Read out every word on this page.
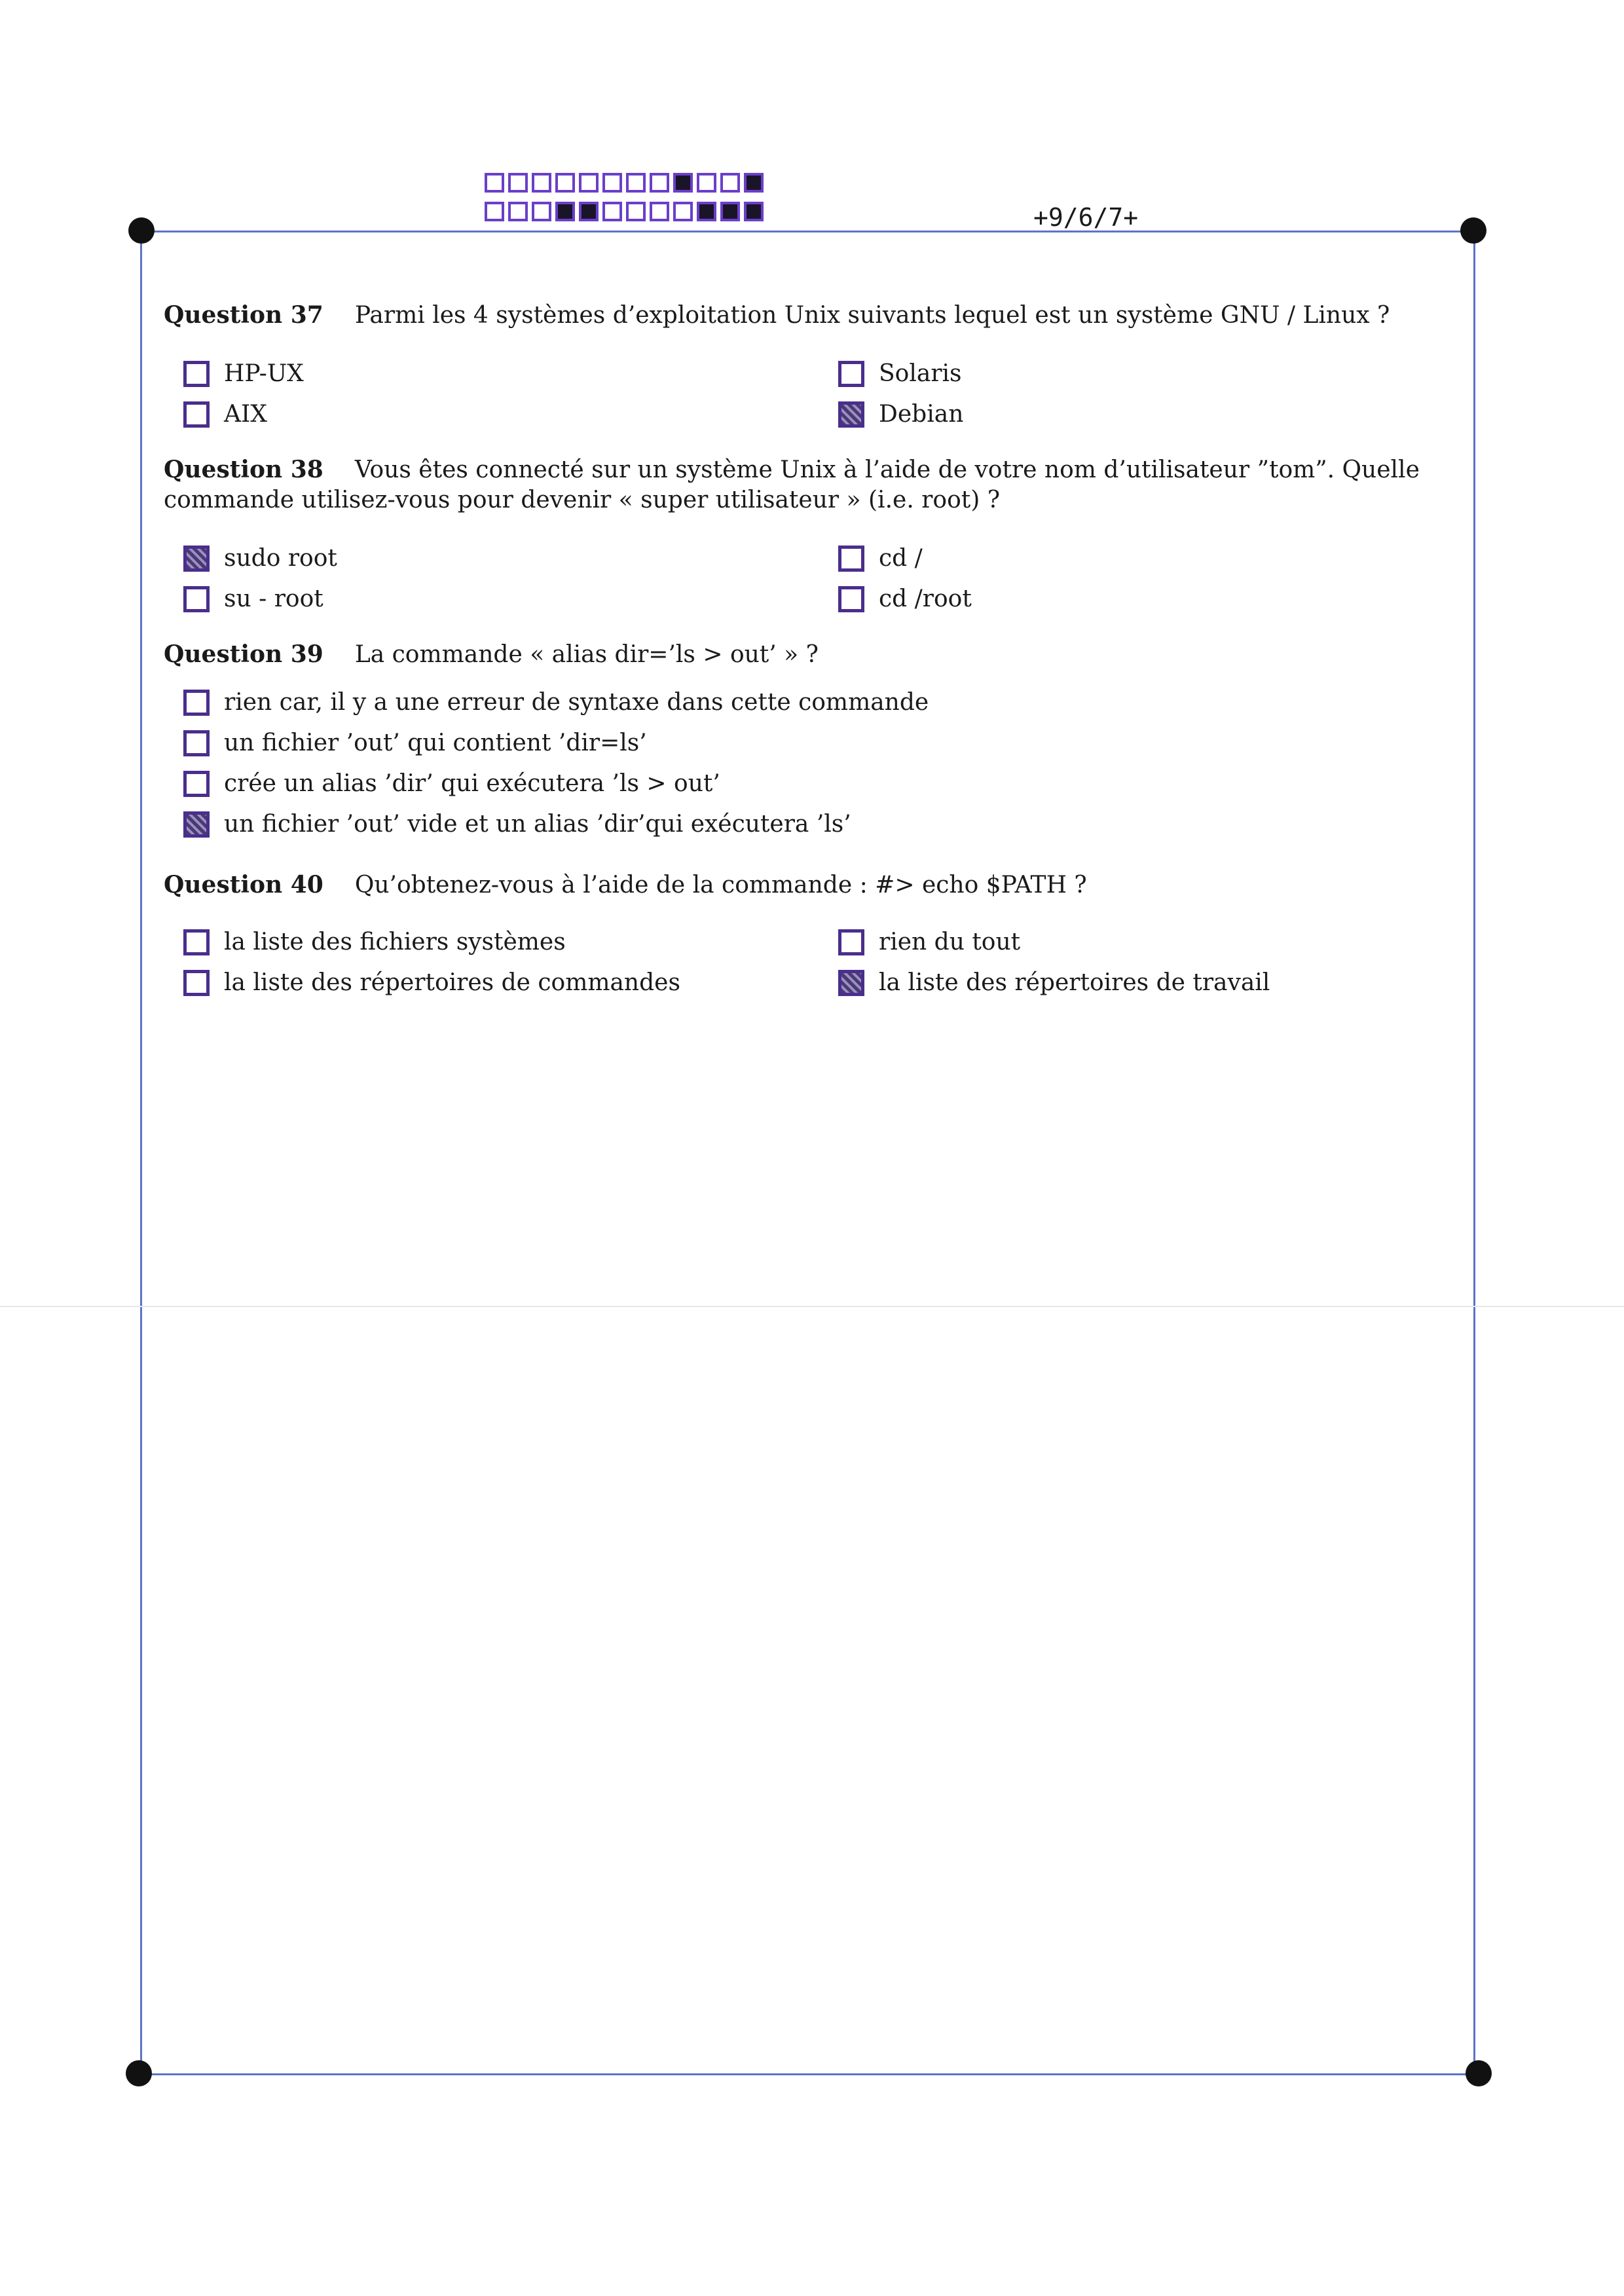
+9/6/7+
Question 37 Parmi les 4 systèmes d’exploitation Unix suivants lequel est un système GNU / Linux ?
HP-UX	Solaris
AIX	Debian
Question 38 Vous êtes connecté sur un système Unix à l’aide de votre nom d’utilisateur ”tom”. Quelle commande utilisez-vous pour devenir « super utilisateur » (i.e. root) ?
sudo root	cd /
su - root	cd /root
Question 39 La commande « alias dir=’ls > out’ » ?
rien car, il y a une erreur de syntaxe dans cette commande
un fichier ’out’ qui contient ’dir=ls’
crée un alias ’dir’ qui exécutera ’ls > out’
un fichier ’out’ vide et un alias ’dir’qui exécutera ’ls’
Question 40 Qu’obtenez-vous à l’aide de la commande : #> echo $PATH ?
la liste des fichiers systèmes	rien du tout
la liste des répertoires de commandes	la liste des répertoires de travail
